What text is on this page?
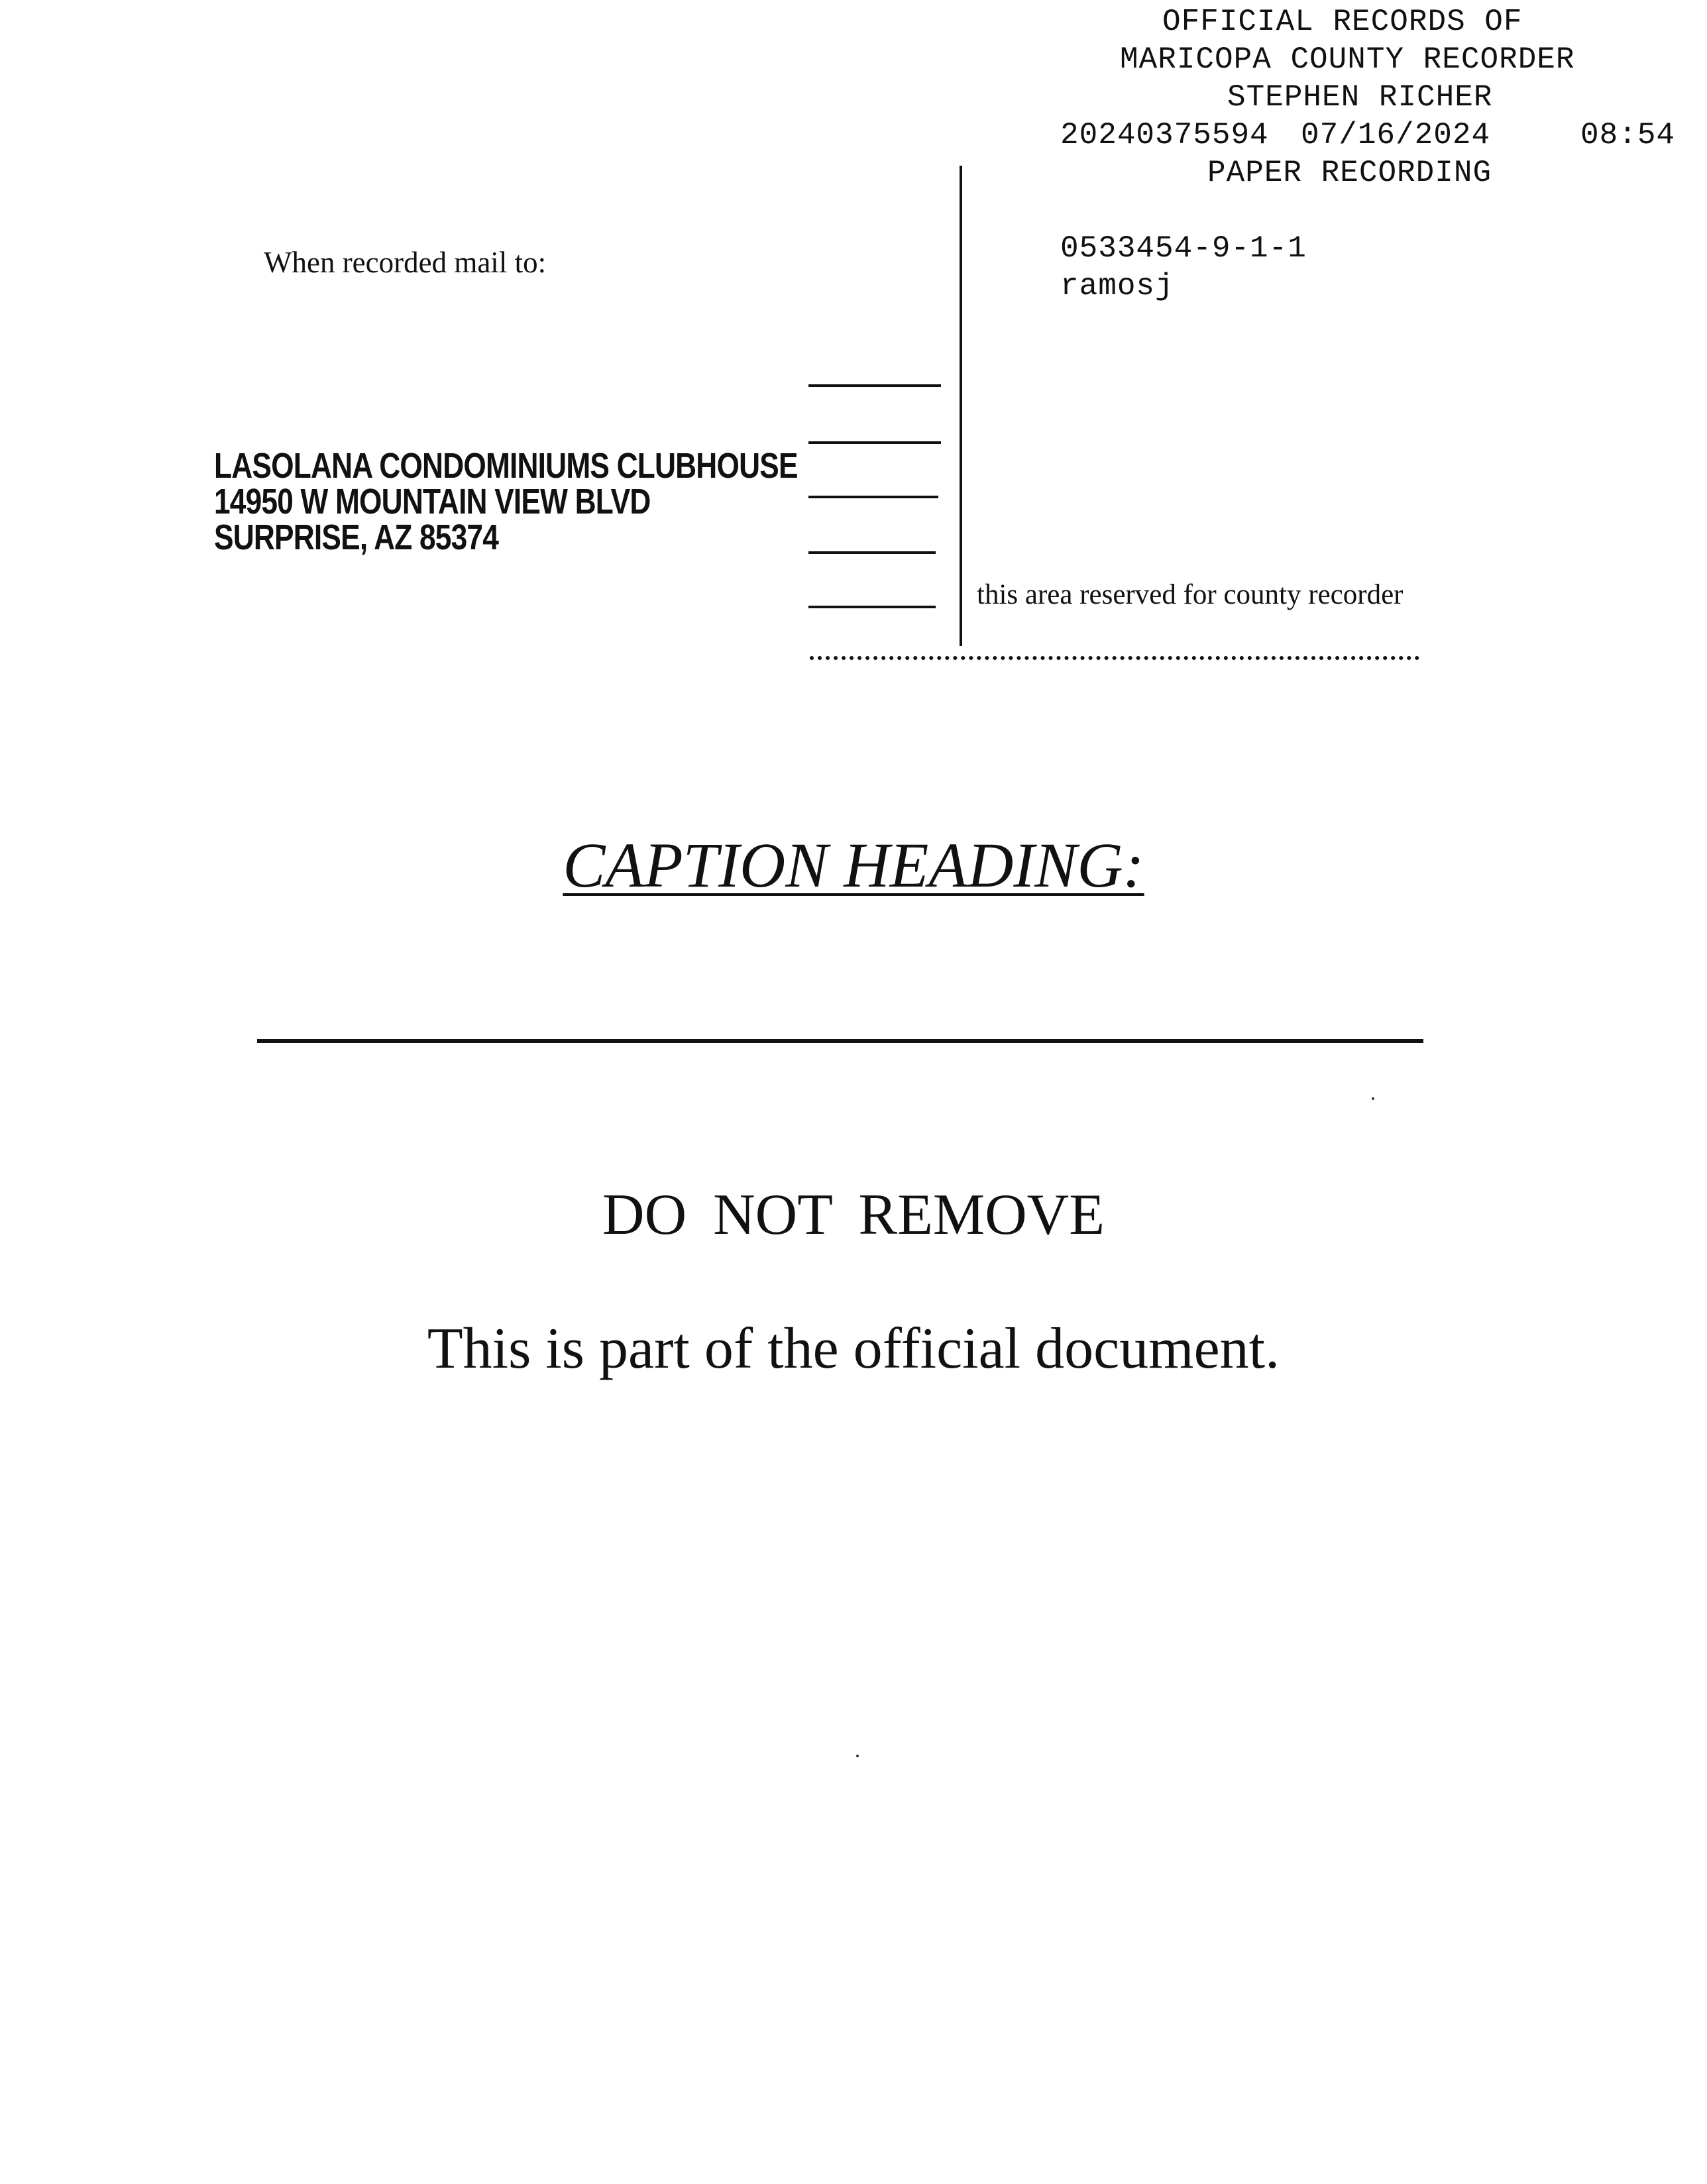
OFFICIAL RECORDS OF
MARICOPA COUNTY RECORDER
STEPHEN RICHER
20240375594 07/16/2024	08:54
PAPER RECORDING
0533454-9-1-1
ramosj
When recorded mail to:
LASOLANA CONDOMINIUMS CLUBHOUSE
14950 W MOUNTAIN VIEW BLVD
SURPRISE, AZ 85374
this area reserved for county recorder
CAPTION HEADING:
DO NOT REMOVE
This is part of the official document.
